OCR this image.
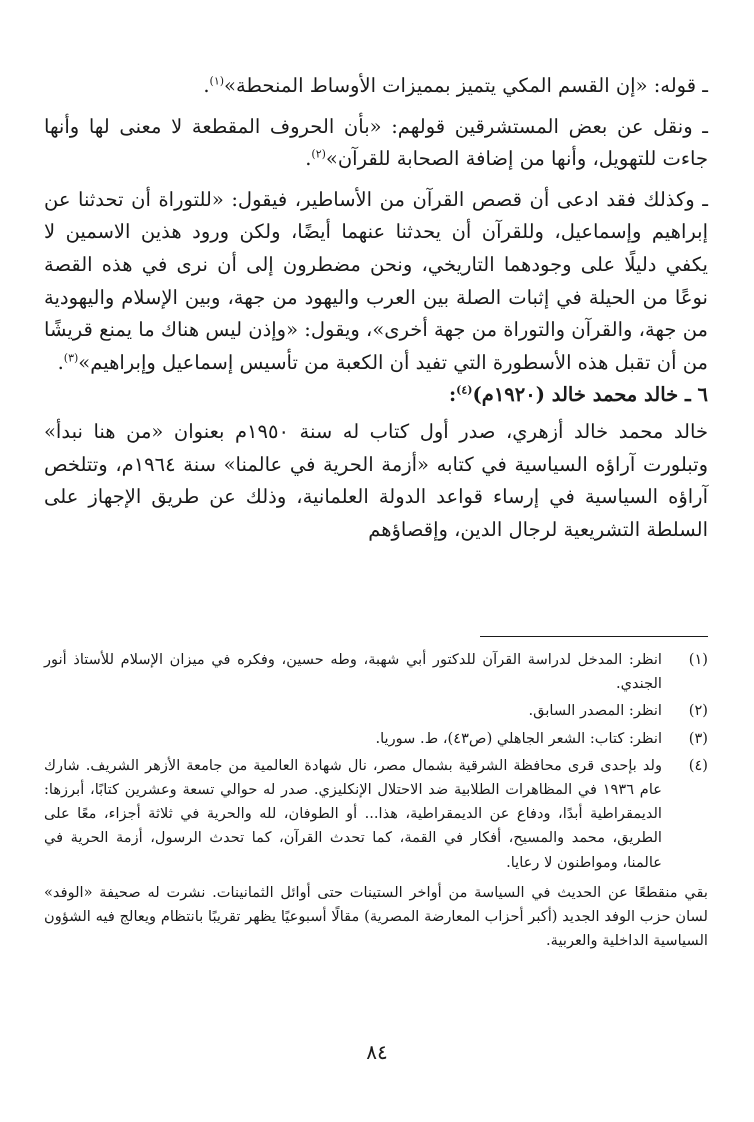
ـ قوله: «إن القسم المكي يتميز بمميزات الأوساط المنحطة»$^{(١)}$.

ـ ونقل عن بعض المستشرقين قولهم: «بأن الحروف المقطعة لا معنى لها وأنها جاءت للتهويل، وأنها من إضافة الصحابة للقرآن»$^{(٢)}$.

ـ وكذلك فقد ادعى أن قصص القرآن من الأساطير، فيقول: «للتوراة أن تحدثنا عن إبراهيم وإسماعيل، وللقرآن أن يحدثنا عنهما أيضًا، ولكن ورود هذين الاسمين لا يكفي دليلًا على وجودهما التاريخي، ونحن مضطرون إلى أن نرى في هذه القصة نوعًا من الحيلة في إثبات الصلة بين العرب واليهود من جهة، وبين الإسلام واليهودية من جهة، والقرآن والتوراة من جهة أخرى»، ويقول: «وإذن ليس هناك ما يمنع قريشًا من أن تقبل هذه الأسطورة التي تفيد أن الكعبة من تأسيس إسماعيل وإبراهيم»$^{(٣)}$.

٦ ـ خالد محمد خالد (١٩٢٠م)$^{(٤)}$:

خالد محمد خالد أزهري، صدر أول كتاب له سنة ١٩٥٠م بعنوان «من هنا نبدأ» وتبلورت آراؤه السياسية في كتابه «أزمة الحرية في عالمنا» سنة ١٩٦٤م، وتتلخص آراؤه السياسية في إرساء قواعد الدولة العلمانية، وذلك عن طريق الإجهاز على السلطة التشريعية لرجال الدين، وإقصاؤهم

(١)
انظر: المدخل لدراسة القرآن للدكتور أبي شهبة، وطه حسين، وفكره في ميزان الإسلام للأستاذ أنور الجندي.
(٢)
انظر: المصدر السابق.
(٣)
انظر: كتاب: الشعر الجاهلي (ص٤٣)، ط. سوريا.
(٤)
ولد بإحدى قرى محافظة الشرقية بشمال مصر، نال شهادة العالمية من جامعة الأزهر الشريف. شارك عام ١٩٣٦ في المظاهرات الطلابية ضد الاحتلال الإنكليزي. صدر له حوالي تسعة وعشرين كتابًا، أبرزها: الديمقراطية أبدًا، ودفاع عن الديمقراطية، هذا... أو الطوفان، لله والحرية في ثلاثة أجزاء، معًا على الطريق، محمد والمسيح، أفكار في القمة، كما تحدث القرآن، كما تحدث الرسول، أزمة الحرية في عالمنا، ومواطنون لا رعايا.
بقي منقطعًا عن الحديث في السياسة من أواخر الستينات حتى أوائل الثمانينات. نشرت له صحيفة «الوفد» لسان حزب الوفد الجديد (أكبر أحزاب المعارضة المصرية) مقالًا أسبوعيًا يظهر تقريبًا بانتظام ويعالج فيه الشؤون السياسية الداخلية والعربية.
٨٤
